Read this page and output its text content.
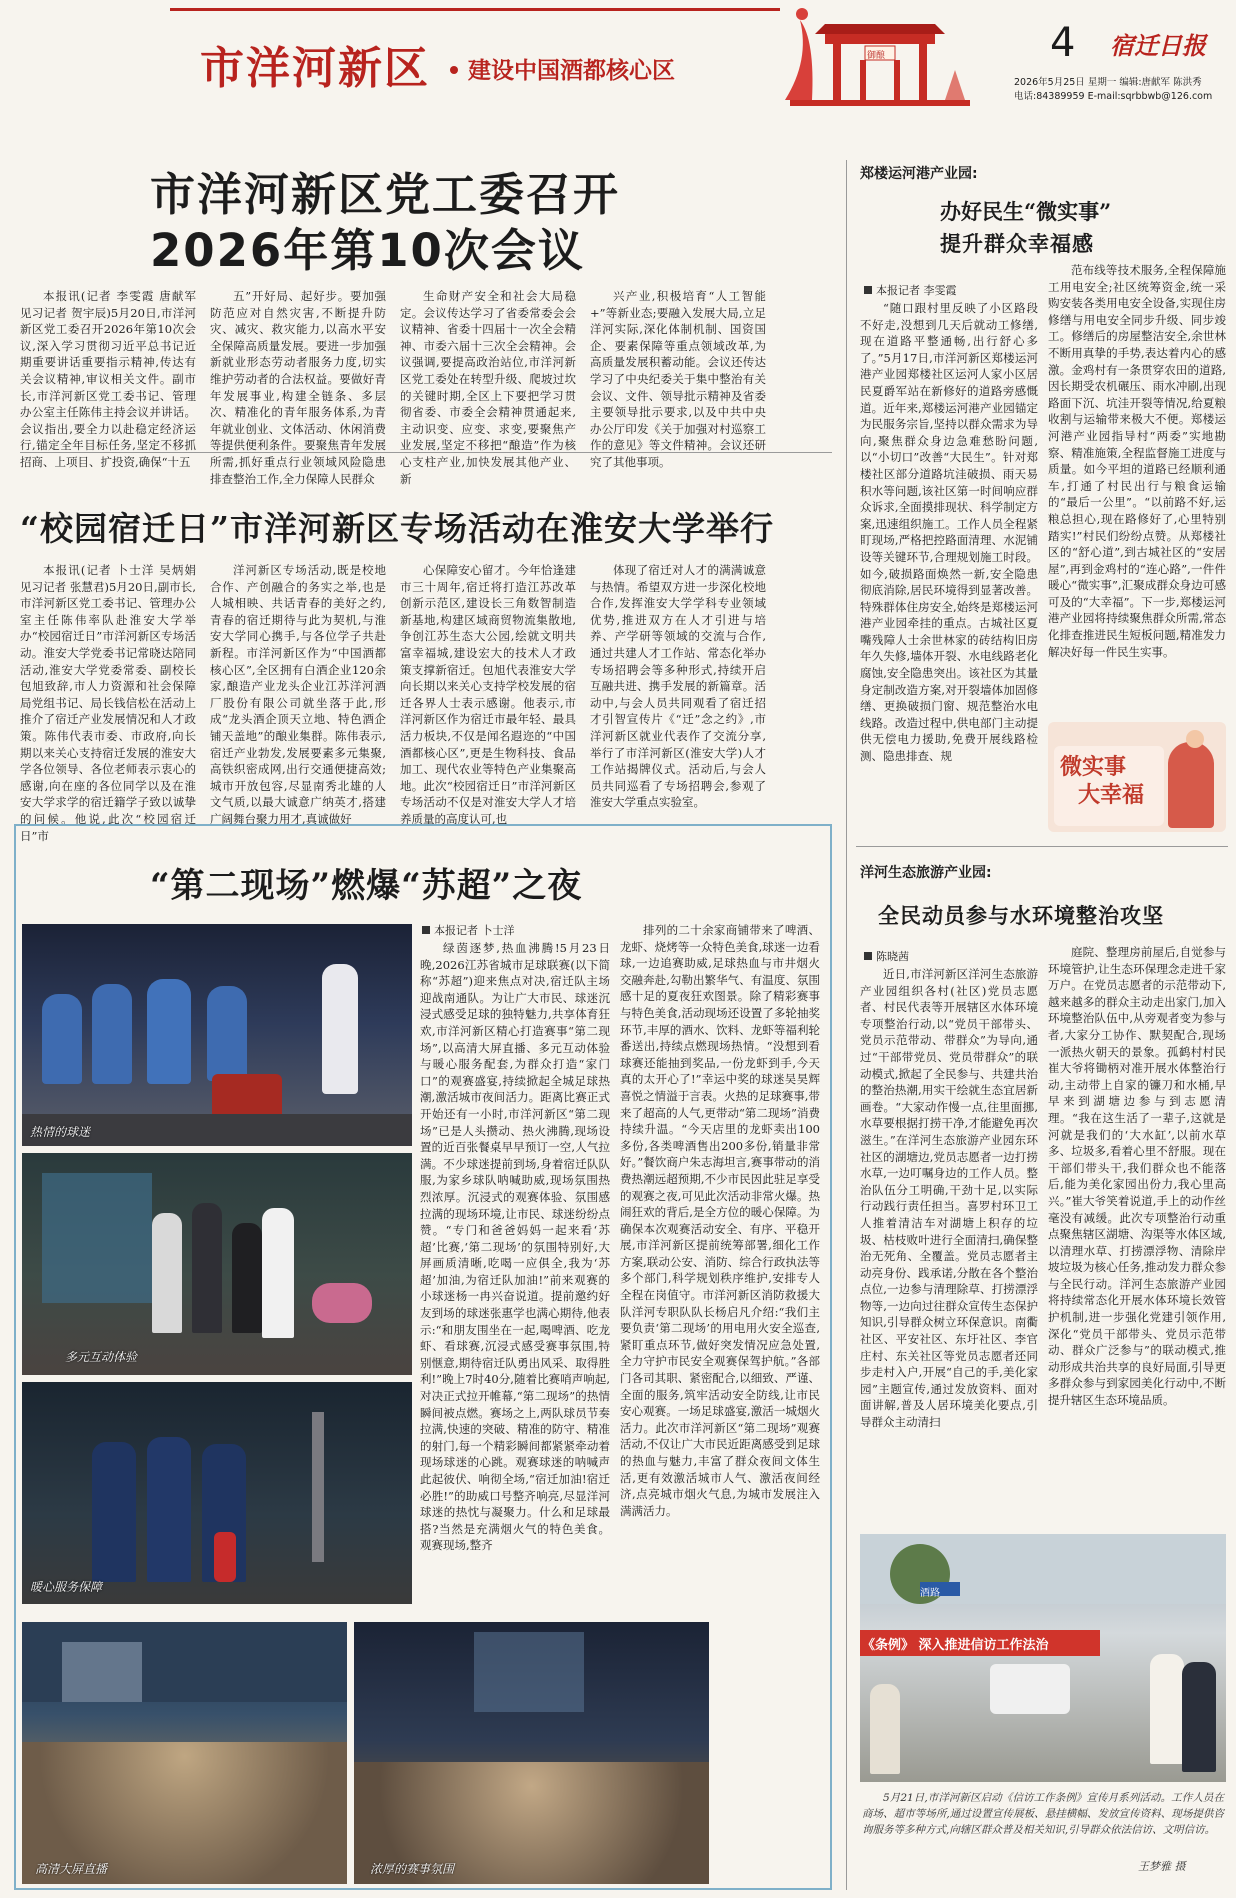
市洋河新区 建设中国酒都核心区
御酿	4 宿迁日报
2026年5月25日 星期一 编辑:唐献军 陈洪秀
电话:84389959 E-mail:sqrbbwb@126.com
市洋河新区党工委召开
2026年第10次会议

本报讯(记者 李雯霞 唐献军 见习记者 贺宇辰)5月20日,市洋河新区党工委召开2026年第10次会议,深入学习贯彻习近平总书记近期重要讲话重要指示精神,传达有关会议精神,审议相关文件。副市长,市洋河新区党工委书记、管理办公室主任陈伟主持会议并讲话。会议指出,要全力以赴稳定经济运行,锚定全年目标任务,坚定不移抓招商、上项目、扩投资,确保“十五

五”开好局、起好步。要加强防范应对自然灾害,不断提升防灾、减灾、救灾能力,以高水平安全保障高质量发展。要进一步加强新就业形态劳动者服务力度,切实维护劳动者的合法权益。要做好青年发展事业,构建全链条、多层次、精准化的青年服务体系,为青年就业创业、文体活动、休闲消费等提供便利条件。要聚焦青年发展所需,抓好重点行业领域风险隐患排查整治工作,全力保障人民群众

生命财产安全和社会大局稳定。会议传达学习了省委常委会会议精神、省委十四届十一次全会精神、市委六届十三次全会精神。会议强调,要提高政治站位,市洋河新区党工委处在转型升级、爬坡过坎的关键时期,全区上下要把学习贯彻省委、市委全会精神贯通起来,主动识变、应变、求变,要聚焦产业发展,坚定不移把“酿造”作为核心支柱产业,加快发展其他产业、新

兴产业,积极培育“人工智能+”等新业态;要融入发展大局,立足洋河实际,深化体制机制、国资国企、要素保障等重点领域改革,为高质量发展积蓄动能。会议还传达学习了中央纪委关于集中整治有关会议、文件、领导批示精神及省委主要领导批示要求,以及中共中央办公厅印发《关于加强对村巡察工作的意见》等文件精神。会议还研究了其他事项。

“校园宿迁日”市洋河新区专场活动在淮安大学举行

本报讯(记者 卜士洋 吴炳娟 见习记者 张慧君)5月20日,副市长,市洋河新区党工委书记、管理办公室主任陈伟率队赴淮安大学举办“校园宿迁日”市洋河新区专场活动。淮安大学党委书记常晓达陪同活动,淮安大学党委常委、副校长包旭致辞,市人力资源和社会保障局党组书记、局长钱信松在活动上推介了宿迁产业发展情况和人才政策。陈伟代表市委、市政府,向长期以来关心支持宿迁发展的淮安大学各位领导、各位老师表示衷心的感谢,向在座的各位同学以及在淮安大学求学的宿迁籍学子致以诚挚的问候。他说,此次“校园宿迁日”市

洋河新区专场活动,既是校地合作、产创融合的务实之举,也是人城相映、共话青春的美好之约,青春的宿迁期待与此为契机,与淮安大学同心携手,与各位学子共赴新程。市洋河新区作为“中国酒都核心区”,全区拥有白酒企业120余家,酿造产业龙头企业江苏洋河酒厂股份有限公司就坐落于此,形成“龙头酒企顶天立地、特色酒企铺天盖地”的酿业集群。陈伟表示,宿迁产业勃发,发展要素多元集聚,高铁织密成网,出行交通便捷高效;城市开放包容,尽显南秀北雄的人文气质,以最大诚意广纳英才,搭建广阔舞台聚力用才,真诚做好

心保障安心留才。今年恰逢建市三十周年,宿迁将打造江苏改革创新示范区,建设长三角数智制造新基地,构建区域商贸物流集散地,争创江苏生态大公园,绘就文明共富幸福城,建设宏大的技术人才政策支撑新宿迁。包旭代表淮安大学向长期以来关心支持学校发展的宿迁各界人士表示感谢。他表示,市洋河新区作为宿迁市最年轻、最具活力板块,不仅是闻名遐迩的“中国酒都核心区”,更是生物科技、食品加工、现代农业等特色产业集聚高地。此次“校园宿迁日”市洋河新区专场活动不仅是对淮安大学人才培养质量的高度认可,也

体现了宿迁对人才的满满诚意与热情。希望双方进一步深化校地合作,发挥淮安大学学科专业领域优势,推进双方在人才引进与培养、产学研等领域的交流与合作,通过共建人才工作站、常态化举办专场招聘会等多种形式,持续开启互融共进、携手发展的新篇章。活动中,与会人员共同观看了宿迁招才引智宣传片《“迁”念之约》,市洋河新区就业代表作了交流分享,举行了市洋河新区(淮安大学)人才工作站揭牌仪式。活动后,与会人员共同巡看了专场招聘会,参观了淮安大学重点实验室。

“第二现场”燃爆“苏超”之夜
热情的球迷
多元互动体验
暖心服务保障
高清大屏直播	浓厚的赛事氛围
本报记者 卜士洋

绿茵逐梦,热血沸腾!5月23日晚,2026江苏省城市足球联赛(以下简称“苏超”)迎来焦点对决,宿迁队主场迎战南通队。为让广大市民、球迷沉浸式感受足球的独特魅力,共享体育狂欢,市洋河新区精心打造赛事“第二现场”,以高清大屏直播、多元互动体验与暖心服务配套,为群众打造“家门口”的观赛盛宴,持续掀起全城足球热潮,激活城市夜间活力。距离比赛正式开始还有一小时,市洋河新区“第二现场”已是人头攒动、热火沸腾,现场设置的近百张餐桌早早预订一空,人气拉满。不少球迷提前到场,身着宿迁队队服,为家乡球队呐喊助威,现场氛围热烈浓厚。沉浸式的观赛体验、氛围感拉满的现场环境,让市民、球迷纷纷点赞。“专门和爸爸妈妈一起来看‘苏超’比赛,‘第二现场’的氛围特别好,大屏画质清晰,吃喝一应俱全,我为‘苏超’加油,为宿迁队加油!”前来观赛的小球迷杨一冉兴奋说道。提前邀约好友到场的球迷张惠学也满心期待,他表示:“和朋友围坐在一起,喝啤酒、吃龙虾、看球赛,沉浸式感受赛事氛围,特别惬意,期待宿迁队勇出风采、取得胜利!”晚上7时40分,随着比赛哨声响起,对决正式拉开帷幕,“第二现场”的热情瞬间被点燃。赛场之上,两队球员节奏拉满,快速的突破、精准的防守、精准的射门,每一个精彩瞬间都紧紧牵动着现场球迷的心跳。观赛球迷的呐喊声此起彼伏、响彻全场,“宿迁加油!宿迁必胜!”的助威口号整齐响亮,尽显洋河球迷的热忱与凝聚力。什么和足球最搭?当然是充满烟火气的特色美食。观赛现场,整齐

排列的二十余家商铺带来了啤酒、龙虾、烧烤等一众特色美食,球迷一边看球,一边追赛助威,足球热血与市井烟火交融奔赴,勾勒出繁华气、有温度、氛围感十足的夏夜狂欢图景。除了精彩赛事与特色美食,活动现场还设置了多轮抽奖环节,丰厚的酒水、饮料、龙虾等福利轮番送出,持续点燃现场热情。“没想到看球赛还能抽到奖品,一份龙虾到手,今天真的太开心了!”幸运中奖的球迷吴昊辉喜悦之情溢于言表。火热的足球赛事,带来了超高的人气,更带动“第二现场”消费持续升温。“今天店里的龙虾卖出100多份,各类啤酒售出200多份,销量非常好。”餐饮商户朱志海坦言,赛事带动的消费热潮远超预期,不少市民因此驻足享受的观赛之夜,可见此次活动非常火爆。热闹狂欢的背后,是全方位的暖心保障。为确保本次观赛活动安全、有序、平稳开展,市洋河新区提前统筹部署,细化工作方案,联动公安、消防、综合行政执法等多个部门,科学规划秩序维护,安排专人全程在岗值守。市洋河新区消防救援大队洋河专职队队长杨启凡介绍:“我们主要负责‘第二现场’的用电用火安全巡查,紧盯重点环节,做好突发情况应急处置,全力守护市民安全观赛保驾护航。”各部门各司其职、紧密配合,以细致、严谨、全面的服务,筑牢活动安全防线,让市民安心观赛。一场足球盛宴,激活一城烟火活力。此次市洋河新区“第二现场”观赛活动,不仅让广大市民近距离感受到足球的热血与魅力,丰富了群众夜间文体生活,更有效激活城市人气、激活夜间经济,点亮城市烟火气息,为城市发展注入满满活力。

郑楼运河港产业园:
办好民生“微实事”
提升群众幸福感
本报记者 李雯霞

“随口跟村里反映了小区路段不好走,没想到几天后就动工修缮,现在道路平整通畅,出行舒心多了。”5月17日,市洋河新区郑楼运河港产业园郑楼社区运河人家小区居民夏爵军站在新修好的道路旁感慨道。近年来,郑楼运河港产业园锚定为民服务宗旨,坚持以群众需求为导向,聚焦群众身边急难愁盼问题,以“小切口”改善“大民生”。针对郑楼社区部分道路坑洼破损、雨天易积水等问题,该社区第一时间响应群众诉求,全面摸排现状、科学制定方案,迅速组织施工。工作人员全程紧盯现场,严格把控路面清理、水泥铺设等关键环节,合理规划施工时段。如今,破损路面焕然一新,安全隐患彻底消除,居民环境得到显著改善。特殊群体住房安全,始终是郑楼运河港产业园牵挂的重点。古城社区夏嘴残障人士余世林家的砖结构旧房年久失修,墙体开裂、水电线路老化腐蚀,安全隐患突出。该社区为其量身定制改造方案,对开裂墙体加固修缮、更换破损门窗、规范整治水电线路。改造过程中,供电部门主动提供无偿电力援助,免费开展线路检测、隐患排查、规

范布线等技术服务,全程保障施工用电安全;社区统筹资金,统一采购安装各类用电安全设备,实现住房修缮与用电安全同步升级、同步竣工。修缮后的房屋整洁安全,余世林不断用真挚的手势,表达着内心的感激。金鸡村有一条贯穿农田的道路,因长期受农机碾压、雨水冲刷,出现路面下沉、坑洼开裂等情况,给夏粮收割与运输带来极大不便。郑楼运河港产业园指导村“两委”实地勘察、精准施策,全程监督施工进度与质量。如今平坦的道路已经顺利通车,打通了村民出行与粮食运输的“最后一公里”。“以前路不好,运粮总担心,现在路修好了,心里特别踏实!”村民们纷纷点赞。从郑楼社区的“舒心道”,到古城社区的“安居屋”,再到金鸡村的“连心路”,一件件暖心“微实事”,汇聚成群众身边可感可及的“大幸福”。下一步,郑楼运河港产业园将持续聚焦群众所需,常态化排查推进民生短板问题,精准发力解决好每一件民生实事。

微实事
大幸福
洋河生态旅游产业园:
全民动员参与水环境整治攻坚
陈晓茜

近日,市洋河新区洋河生态旅游产业园组织各村(社区)党员志愿者、村民代表等开展辖区水体环境专项整治行动,以“党员干部带头、党员示范带动、带群众”为导向,通过“干部带党员、党员带群众”的联动模式,掀起了全民参与、共建共治的整治热潮,用实干绘就生态宜居新画卷。“大家动作慢一点,往里面挪,水草要根据打捞干净,才能避免再次滋生。”在洋河生态旅游产业园东环社区的湖塘边,党员志愿者一边打捞水草,一边叮嘱身边的工作人员。整治队伍分工明确,干劲十足,以实际行动践行责任担当。喜罗村环卫工人推着清洁车对湖塘上积存的垃圾、枯枝败叶进行全面清扫,确保整治无死角、全覆盖。党员志愿者主动亮身份、践承诺,分散在各个整治点位,一边参与清理除草、打捞漂浮物等,一边向过往群众宣传生态保护知识,引导群众树立环保意识。南衢社区、平安社区、东圩社区、李官庄村、东关社区等党员志愿者还同步走村入户,开展“自己的手,美化家园”主题宣传,通过发放资料、面对面讲解,普及人居环境美化要点,引导群众主动清扫

庭院、整理房前屋后,自觉参与环境管护,让生态环保理念走进千家万户。在党员志愿者的示范带动下,越来越多的群众主动走出家门,加入环境整治队伍中,从旁观者变为参与者,大家分工协作、默契配合,现场一派热火朝天的景象。孤鹤村村民崔大爷将锄柄对准开展水体整治行动,主动带上自家的镰刀和水桶,早早来到湖塘边参与到志愿清理。“我在这生活了一辈子,这就是河就是我们的‘大水缸’,以前水草多、垃圾多,看着心里不舒服。现在干部们带头干,我们群众也不能落后,能为美化家园出份力,我心里高兴。”崔大爷笑着说道,手上的动作丝毫没有减缓。此次专项整治行动重点聚焦辖区湖塘、沟渠等水体区域,以清理水草、打捞漂浮物、清除岸坡垃圾为核心任务,推动发力群众参与全民行动。洋河生态旅游产业园将持续常态化开展水体环境长效管护机制,进一步强化党建引领作用,深化“党员干部带头、党员示范带动、群众广泛参与”的联动模式,推动形成共治共享的良好局面,引导更多群众参与到家园美化行动中,不断提升辖区生态环境品质。

《条例》 深入推进信访工作法治
酒路
5月21日,市洋河新区启动《信访工作条例》宣传月系列活动。工作人员在商场、超市等场所,通过设置宣传展板、悬挂横幅、发放宣传资料、现场提供咨询服务等多种方式,向辖区群众普及相关知识,引导群众依法信访、文明信访。
王梦雅 摄
